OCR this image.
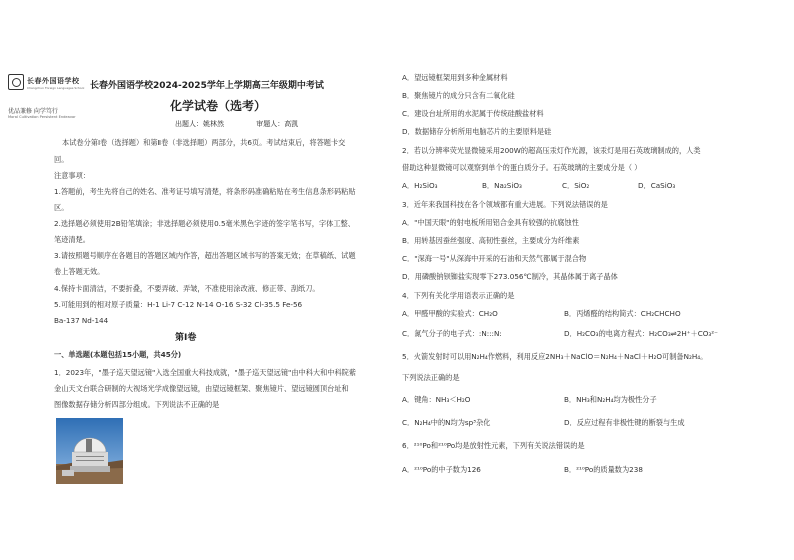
长春外国语学校
Changchun Foreign Languages School
优品兼修 向学笃行
Moral Cultivation Persistent Endeavor
长春外国语学校2024-2025学年上学期高三年级期中考试
化学试卷（选考）
出题人：姚林然	审题人：高凯
本试卷分第Ⅰ卷（选择题）和第Ⅱ卷（非选择题）两部分，共6页。考试结束后，将答题卡交
回。
注意事项：
1.答题前，考生先将自己的姓名、准考证号填写清楚，将条形码准确粘贴在考生信息条形码粘贴
区。
2.选择题必须使用2B铅笔填涂；非选择题必须使用0.5毫米黑色字迹的签字笔书写，字体工整、
笔迹清楚。
3.请按照题号顺序在各题目的答题区域内作答，超出答题区域书写的答案无效；在草稿纸、试题
卷上答题无效。
4.保持卡面清洁，不要折叠，不要弄破、弄皱，不准使用涂改液、修正带、刮纸刀。
5.可能用到的相对原子质量：H-1 Li-7 C-12 N-14 O-16 S-32 Cl-35.5 Fe-56
Ba-137 Nd-144
第Ⅰ卷
一、单选题(本题包括15小题，共45分)
1．2023年，"墨子巡天望远镜"入选全国重大科技成就，"墨子巡天望远镜"由中科大和中科院紫
金山天文台联合研制的大视场光学成像望远镜，由望远镜框架、聚焦镜片、望远镜圆顶台址和
图像数据存储分析四部分组成。下列说法不正确的是
A．望远镜框架用到多种金属材料
B．聚焦镜片的成分只含有二氧化硅
C．建设台址所用的水泥属于传统硅酸盐材料
D．数据储存分析所用电脑芯片的主要原料是硅
2．若以分辨率荧光显微镜采用200W的超高压汞灯作光源，该汞灯是用石英玻璃制成的，人类
借助这种显微镜可以观察到单个的蛋白质分子。石英玻璃的主要成分是（ ）
A．H₂SiO₃	B．Na₂SiO₃	C．SiO₂	D．CaSiO₃
3．近年来我国科技在各个领域都有重大进展。下列说法错误的是
A．"中国天眼"的射电板所用铝合金具有较强的抗腐蚀性
B．用转基因蚕丝强度、高韧性蚕丝，主要成分为纤维素
C．"深海一号"从深海中开采的石油和天然气都属于混合物
D．用磷酸钠钡铷盐实现零下273.056℃制冷，其晶体属于离子晶体
4．下列有关化学用语表示正确的是
A．甲醛甲酸的实验式：CH₂O	B．丙烯醛的结构简式：CH₂CHCHO
C．氮气分子的电子式：:N:::N:	D．H₂CO₃的电离方程式：H₂CO₃⇌2H⁺＋CO₃²⁻
5．火箭发射时可以用N₂H₄作燃料，利用反应2NH₃＋NaClO＝N₂H₄＋NaCl＋H₂O可制备N₂H₄。
下列说法正确的是
A．键角：NH₃＜H₂O	B．NH₃和N₂H₄均为极性分子
C．N₂H₄中的N均为sp³杂化	D．反应过程有非极性键的断裂与生成
6．²¹⁰Po和²¹⁰Po均是放射性元素，下列有关说法错误的是
A．²¹⁰Po的中子数为126	B．²¹⁰Po的质量数为238
